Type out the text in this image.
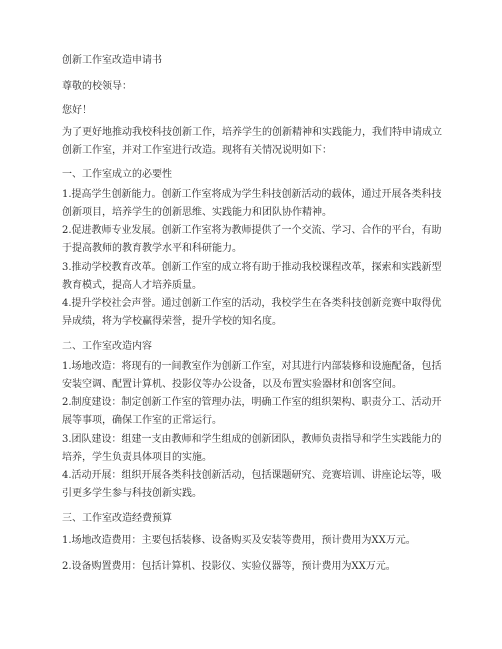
创新工作室改造申请书
尊敬的校领导：
您好！
为了更好地推动我校科技创新工作，培养学生的创新精神和实践能力，我们特申请成立创新工作室，并对工作室进行改造。现将有关情况说明如下：
一、工作室成立的必要性
1.提高学生创新能力。创新工作室将成为学生科技创新活动的载体，通过开展各类科技创新项目，培养学生的创新思维、实践能力和团队协作精神。
2.促进教师专业发展。创新工作室将为教师提供了一个交流、学习、合作的平台，有助于提高教师的教育教学水平和科研能力。
3.推动学校教育改革。创新工作室的成立将有助于推动我校课程改革，探索和实践新型教育模式，提高人才培养质量。
4.提升学校社会声誉。通过创新工作室的活动，我校学生在各类科技创新竞赛中取得优异成绩，将为学校赢得荣誉，提升学校的知名度。
二、工作室改造内容
1.场地改造：将现有的一间教室作为创新工作室，对其进行内部装修和设施配备，包括安装空调、配置计算机、投影仪等办公设备，以及布置实验器材和创客空间。
2.制度建设：制定创新工作室的管理办法，明确工作室的组织架构、职责分工、活动开展等事项，确保工作室的正常运行。
3.团队建设：组建一支由教师和学生组成的创新团队，教师负责指导和学生实践能力的培养，学生负责具体项目的实施。
4.活动开展：组织开展各类科技创新活动，包括课题研究、竞赛培训、讲座论坛等，吸引更多学生参与科技创新实践。
三、工作室改造经费预算
1.场地改造费用：主要包括装修、设备购买及安装等费用，预计费用为XX万元。
2.设备购置费用：包括计算机、投影仪、实验仪器等，预计费用为XX万元。
